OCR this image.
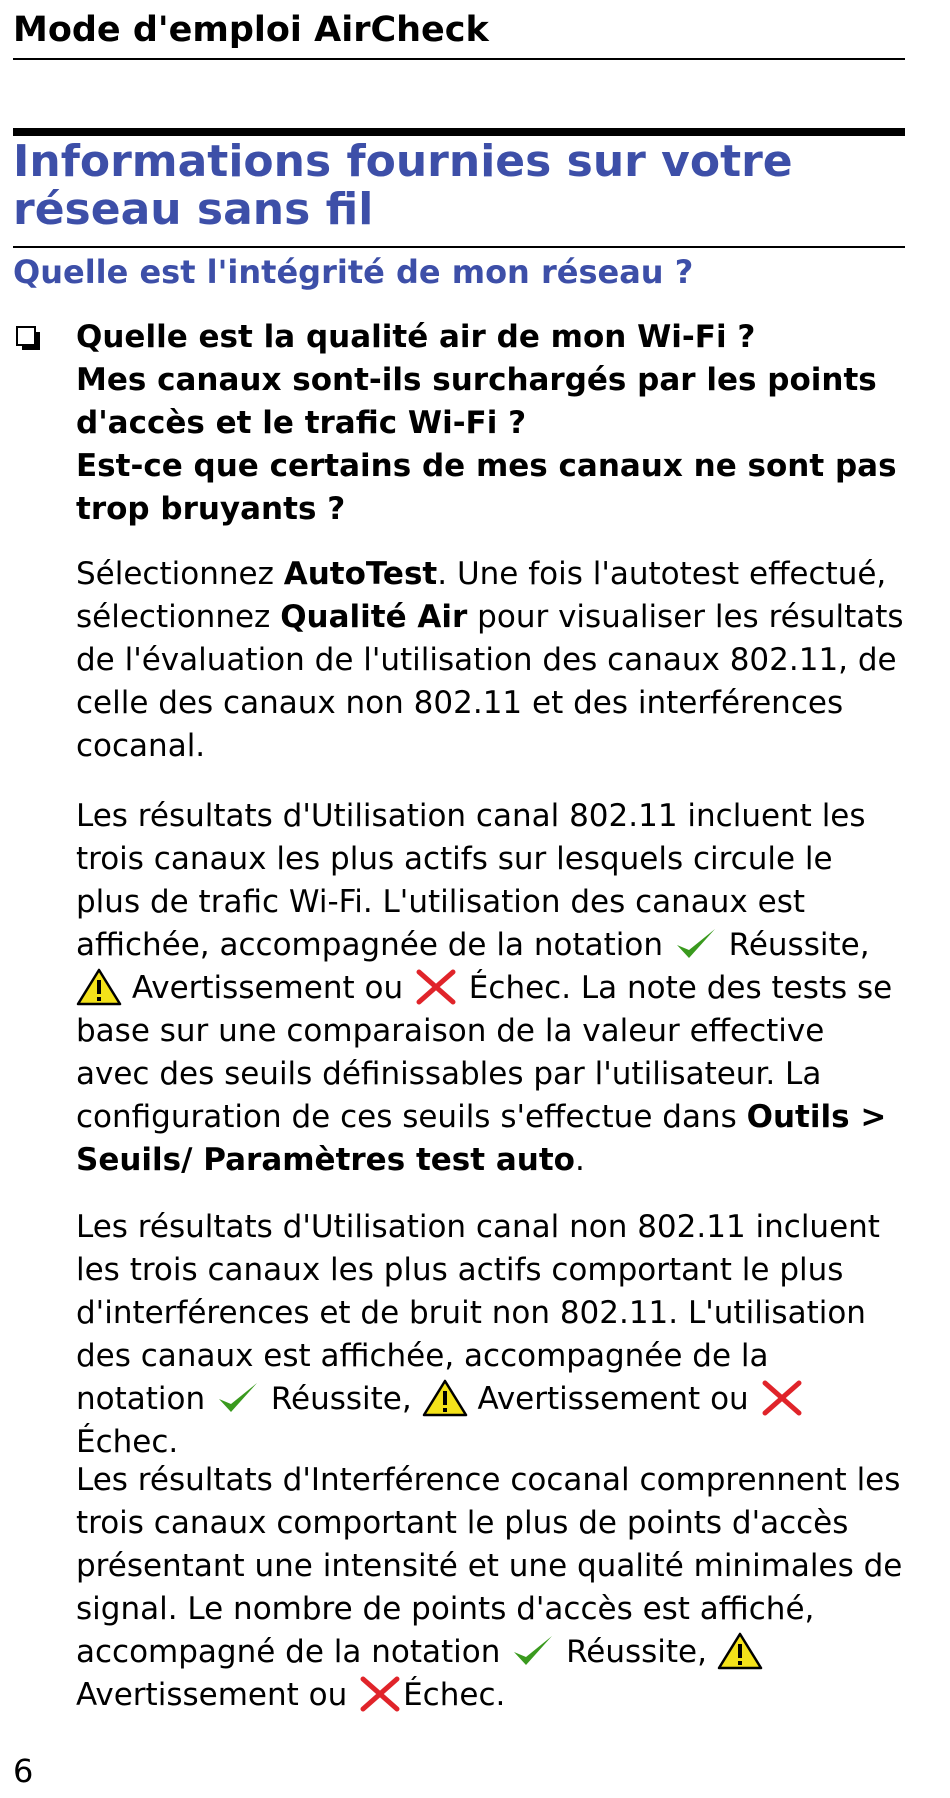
Mode d'emploi AirCheck
Informations fournies sur votre réseau sans fil
Quelle est l'intégrité de mon réseau ?
Quelle est la qualité air de mon Wi-Fi ?
Mes canaux sont-ils surchargés par les points d'accès et le trafic Wi-Fi ?
Est-ce que certains de mes canaux ne sont pas trop bruyants ?
Sélectionnez AutoTest. Une fois l'autotest effectué, sélectionnez Qualité Air pour visualiser les résultats de l'évaluation de l'utilisation des canaux 802.11, de celle des canaux non 802.11 et des interférences cocanal.
Les résultats d'Utilisation canal 802.11 incluent les trois canaux les plus actifs sur lesquels circule le plus de trafic Wi-Fi. L'utilisation des canaux est affichée, accompagnée de la notation  Réussite,  Avertissement ou  Échec. La note des tests se base sur une comparaison de la valeur effective avec des seuils définissables par l'utilisateur. La configuration de ces seuils s'effectue dans Outils > Seuils/ Paramètres test auto.
Les résultats d'Utilisation canal non 802.11 incluent les trois canaux les plus actifs comportant le plus d'interférences et de bruit non 802.11. L'utilisation des canaux est affichée, accompagnée de la notation  Réussite,  Avertissement ou Échec.
Les résultats d'Interférence cocanal comprennent les trois canaux comportant le plus de points d'accès présentant une intensité et une qualité minimales de signal. Le nombre de points d'accès est affiché, accompagné de la notation  Réussite,  Avertissement ou Échec.
6
